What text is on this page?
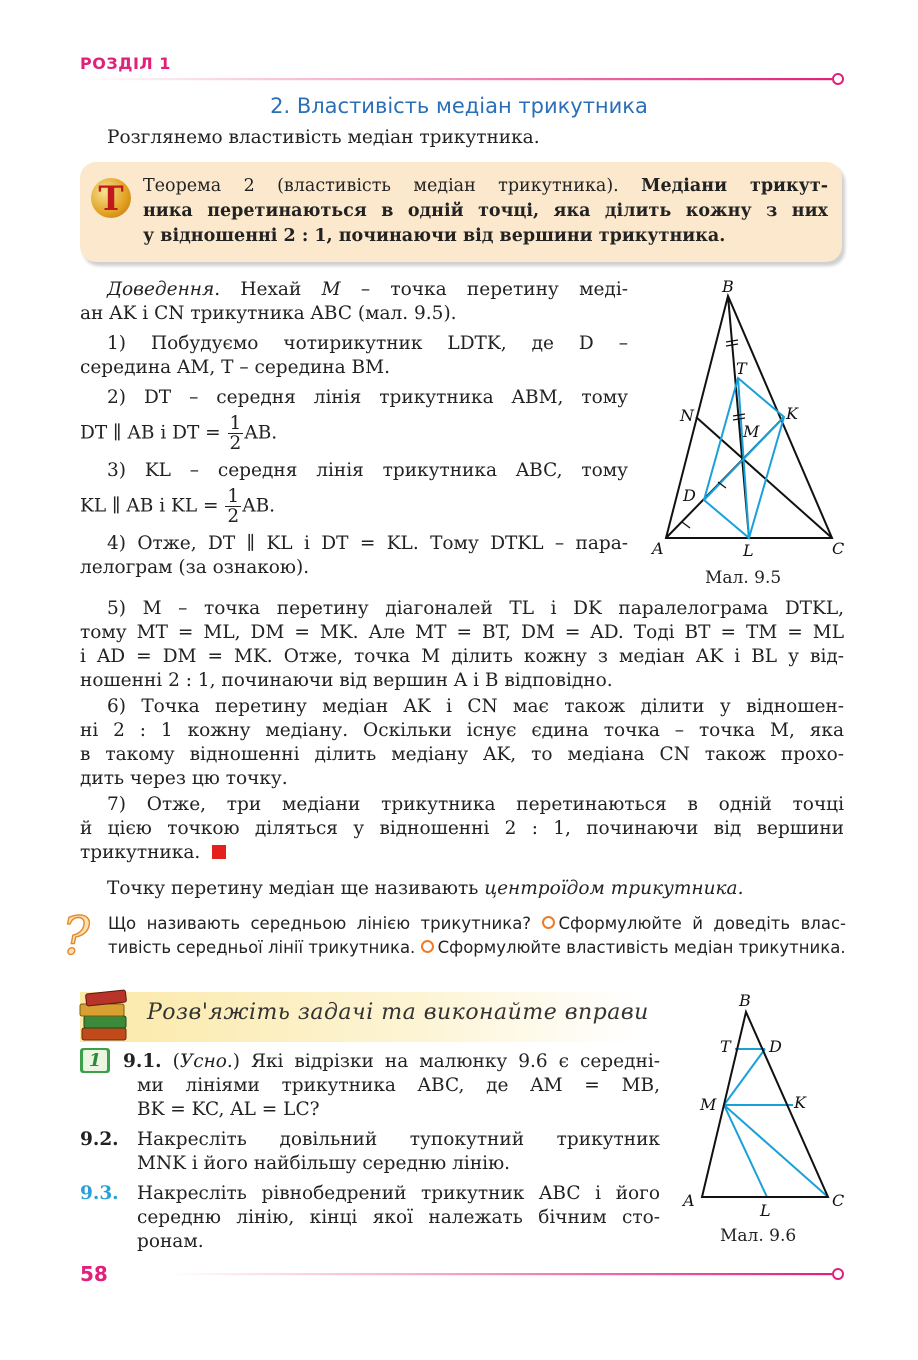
РОЗДІЛ 1
2. Властивість медіан трикутника
Розглянемо властивість медіан трикутника.
Т	Теорема 2 (властивість медіан трикутника). Медіани трикут-
ника перетинаються в одній точці, яка ділить кожну з них
у відношенні 2 : 1, починаючи від вершини трикутника.
Доведення. Нехай M – точка перетину меді-
ан AK і CN трикутника ABC (мал. 9.5).
1) Побудуємо чотирикутник LDTK, де D –
середина AM, T – середина BM.
2) DT – середня лінія трикутника ABM, тому
DT ∥ AB і DT = $\frac{1}{2}$ AB.
3) KL – середня лінія трикутника ABC, тому
KL ∥ AB і KL = $\frac{1}{2}$ AB.
4) Отже, DT ∥ KL і DT = KL. Тому DTKL – пара-
лелограм (за ознакою).
B
T
N	K
M
D
A	L	C
Мал. 9.5
5) M – точка перетину діагоналей TL і DK паралелограма DTKL,
тому MT = ML, DM = MK. Але MT = BT, DM = AD. Тоді BT = TM = ML
і AD = DM = MK. Отже, точка M ділить кожну з медіан AK і BL у від-
ношенні 2 : 1, починаючи від вершин A і B відповідно.
6) Точка перетину медіан AK і CN має також ділити у відношен-
ні 2 : 1 кожну медіану. Оскільки існує єдина точка – точка M, яка
в такому відношенні ділить медіану AK, то медіана CN також прохо-
дить через цю точку.
7) Отже, три медіани трикутника перетинаються в одній точці
й цією точкою діляться у відношенні 2 : 1, починаючи від вершини
трикутника.
Точку перетину медіан ще називають центроїдом трикутника.
? Що називають середньою лінією трикутника? Сформулюйте й доведіть влас-
тивість середньої лінії трикутника. Сформулюйте властивість медіан трикутника.
Розв'яжіть задачі та виконайте вправи
1	9.1. (Усно.) Які відрізки на малюнку 9.6 є середні-
ми лініями трикутника ABC, де AM = MB,
BK = KC, AL = LC?
9.2. Накресліть довільний тупокутний трикутник
MNK і його найбільшу середню лінію.
9.3. Накресліть рівнобедрений трикутник ABC і його
середню лінію, кінці якої належать бічним сто-
ронам.
B
T D
M	K
A
L
C
Мал. 9.6
58
